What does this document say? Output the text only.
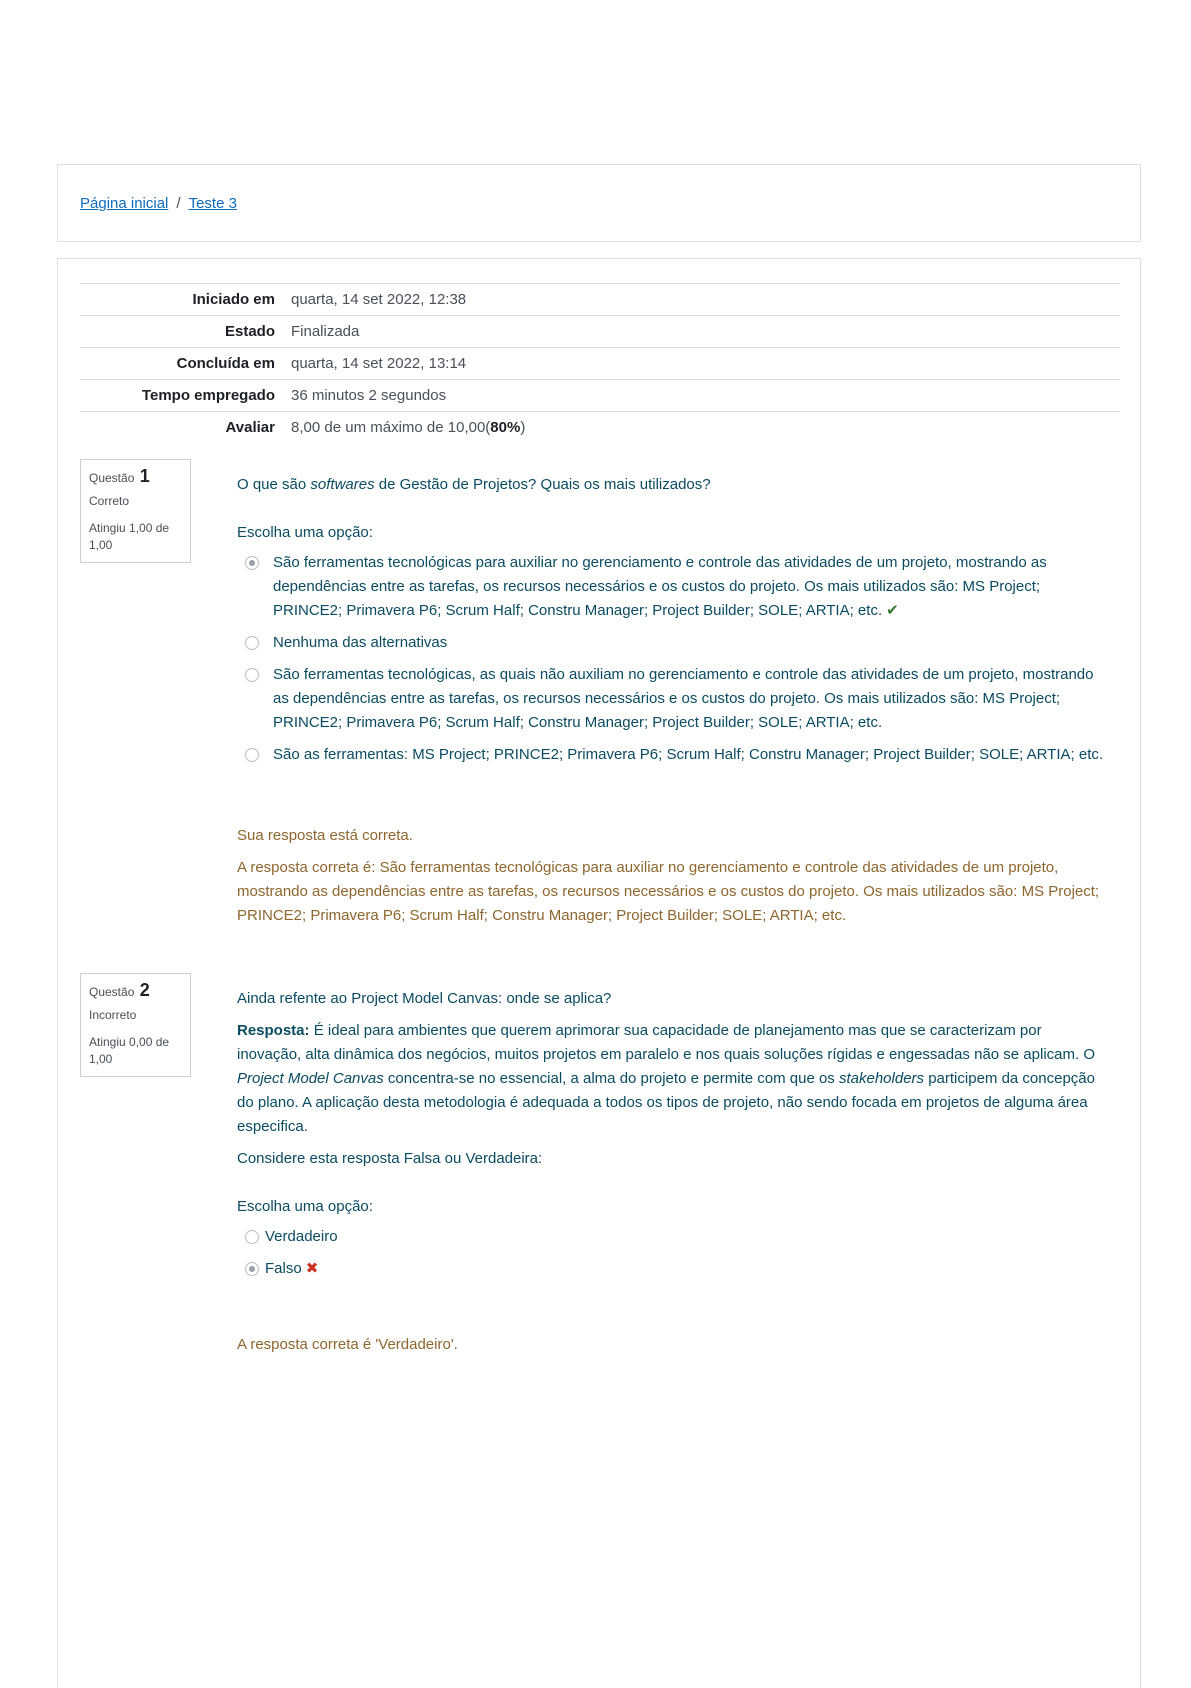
Página inicial / Teste 3
Iniciado em	quarta, 14 set 2022, 12:38
Estado	Finalizada
Concluída em	quarta, 14 set 2022, 13:14
Tempo empregado	36 minutos 2 segundos
Avaliar	8,00 de um máximo de 10,00(80%)
Questão 1
Correto
Atingiu 1,00 de 1,00

O que são softwares de Gestão de Projetos? Quais os mais utilizados?

Escolha uma opção:

São ferramentas tecnológicas para auxiliar no gerenciamento e controle das atividades de um projeto, mostrando as dependências entre as tarefas, os recursos necessários e os custos do projeto. Os mais utilizados são: MS Project; PRINCE2; Primavera P6; Scrum Half; Constru Manager; Project Builder; SOLE; ARTIA; etc. ✔
Nenhuma das alternativas
São ferramentas tecnológicas, as quais não auxiliam no gerenciamento e controle das atividades de um projeto, mostrando as dependências entre as tarefas, os recursos necessários e os custos do projeto. Os mais utilizados são: MS Project; PRINCE2; Primavera P6; Scrum Half; Constru Manager; Project Builder; SOLE; ARTIA; etc.
São as ferramentas: MS Project; PRINCE2; Primavera P6; Scrum Half; Constru Manager; Project Builder; SOLE; ARTIA; etc.

Sua resposta está correta.

A resposta correta é: São ferramentas tecnológicas para auxiliar no gerenciamento e controle das atividades de um projeto, mostrando as dependências entre as tarefas, os recursos necessários e os custos do projeto. Os mais utilizados são: MS Project; PRINCE2; Primavera P6; Scrum Half; Constru Manager; Project Builder; SOLE; ARTIA; etc.

Questão 2
Incorreto
Atingiu 0,00 de 1,00

Ainda refente ao Project Model Canvas: onde se aplica?

Resposta: É ideal para ambientes que querem aprimorar sua capacidade de planejamento mas que se caracterizam por inovação, alta dinâmica dos negócios, muitos projetos em paralelo e nos quais soluções rígidas e engessadas não se aplicam. O Project Model Canvas concentra-se no essencial, a alma do projeto e permite com que os stakeholders participem da concepção do plano. A aplicação desta metodologia é adequada a todos os tipos de projeto, não sendo focada em projetos de alguma área especifica.

Considere esta resposta Falsa ou Verdadeira:

Escolha uma opção:

Verdadeiro
Falso ✖

A resposta correta é 'Verdadeiro'.
